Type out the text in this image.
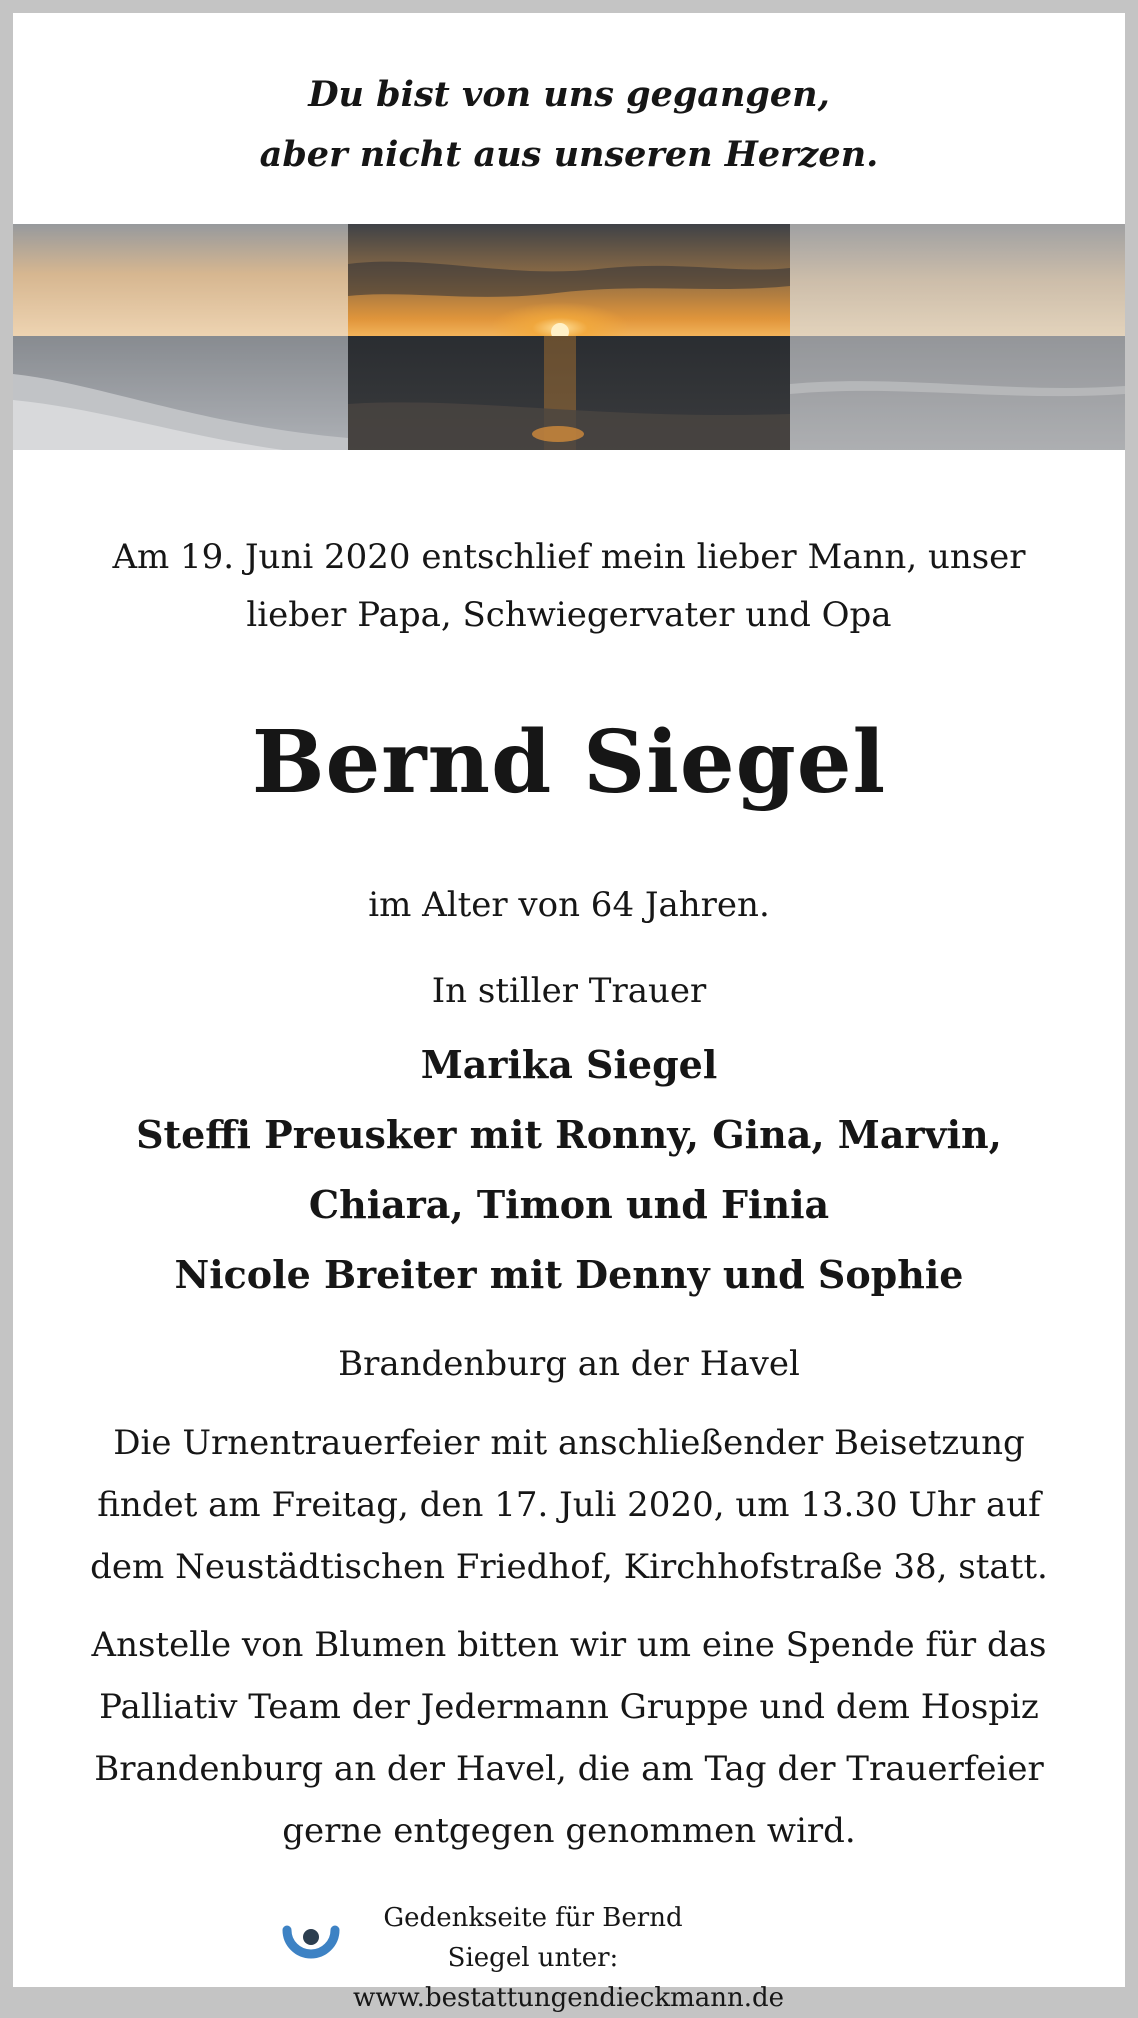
Du bist von uns gegangen,
aber nicht aus unseren Herzen.
Am 19. Juni 2020 entschlief mein lieber Mann, unser
lieber Papa, Schwiegervater und Opa
Bernd Siegel
im Alter von 64 Jahren.
In stiller Trauer
Marika Siegel
Steffi Preusker mit Ronny, Gina, Marvin,
Chiara, Timon und Finia
Nicole Breiter mit Denny und Sophie
Brandenburg an der Havel
Die Urnentrauerfeier mit anschließender Beisetzung
findet am Freitag, den 17. Juli 2020, um 13.30 Uhr auf
dem Neustädtischen Friedhof, Kirchhofstraße 38, statt.
Anstelle von Blumen bitten wir um eine Spende für das
Palliativ Team der Jedermann Gruppe und dem Hospiz
Brandenburg an der Havel, die am Tag der Trauerfeier
gerne entgegen genommen wird.
Gedenkseite für Bernd Siegel unter:
www.bestattungendieckmann.de
